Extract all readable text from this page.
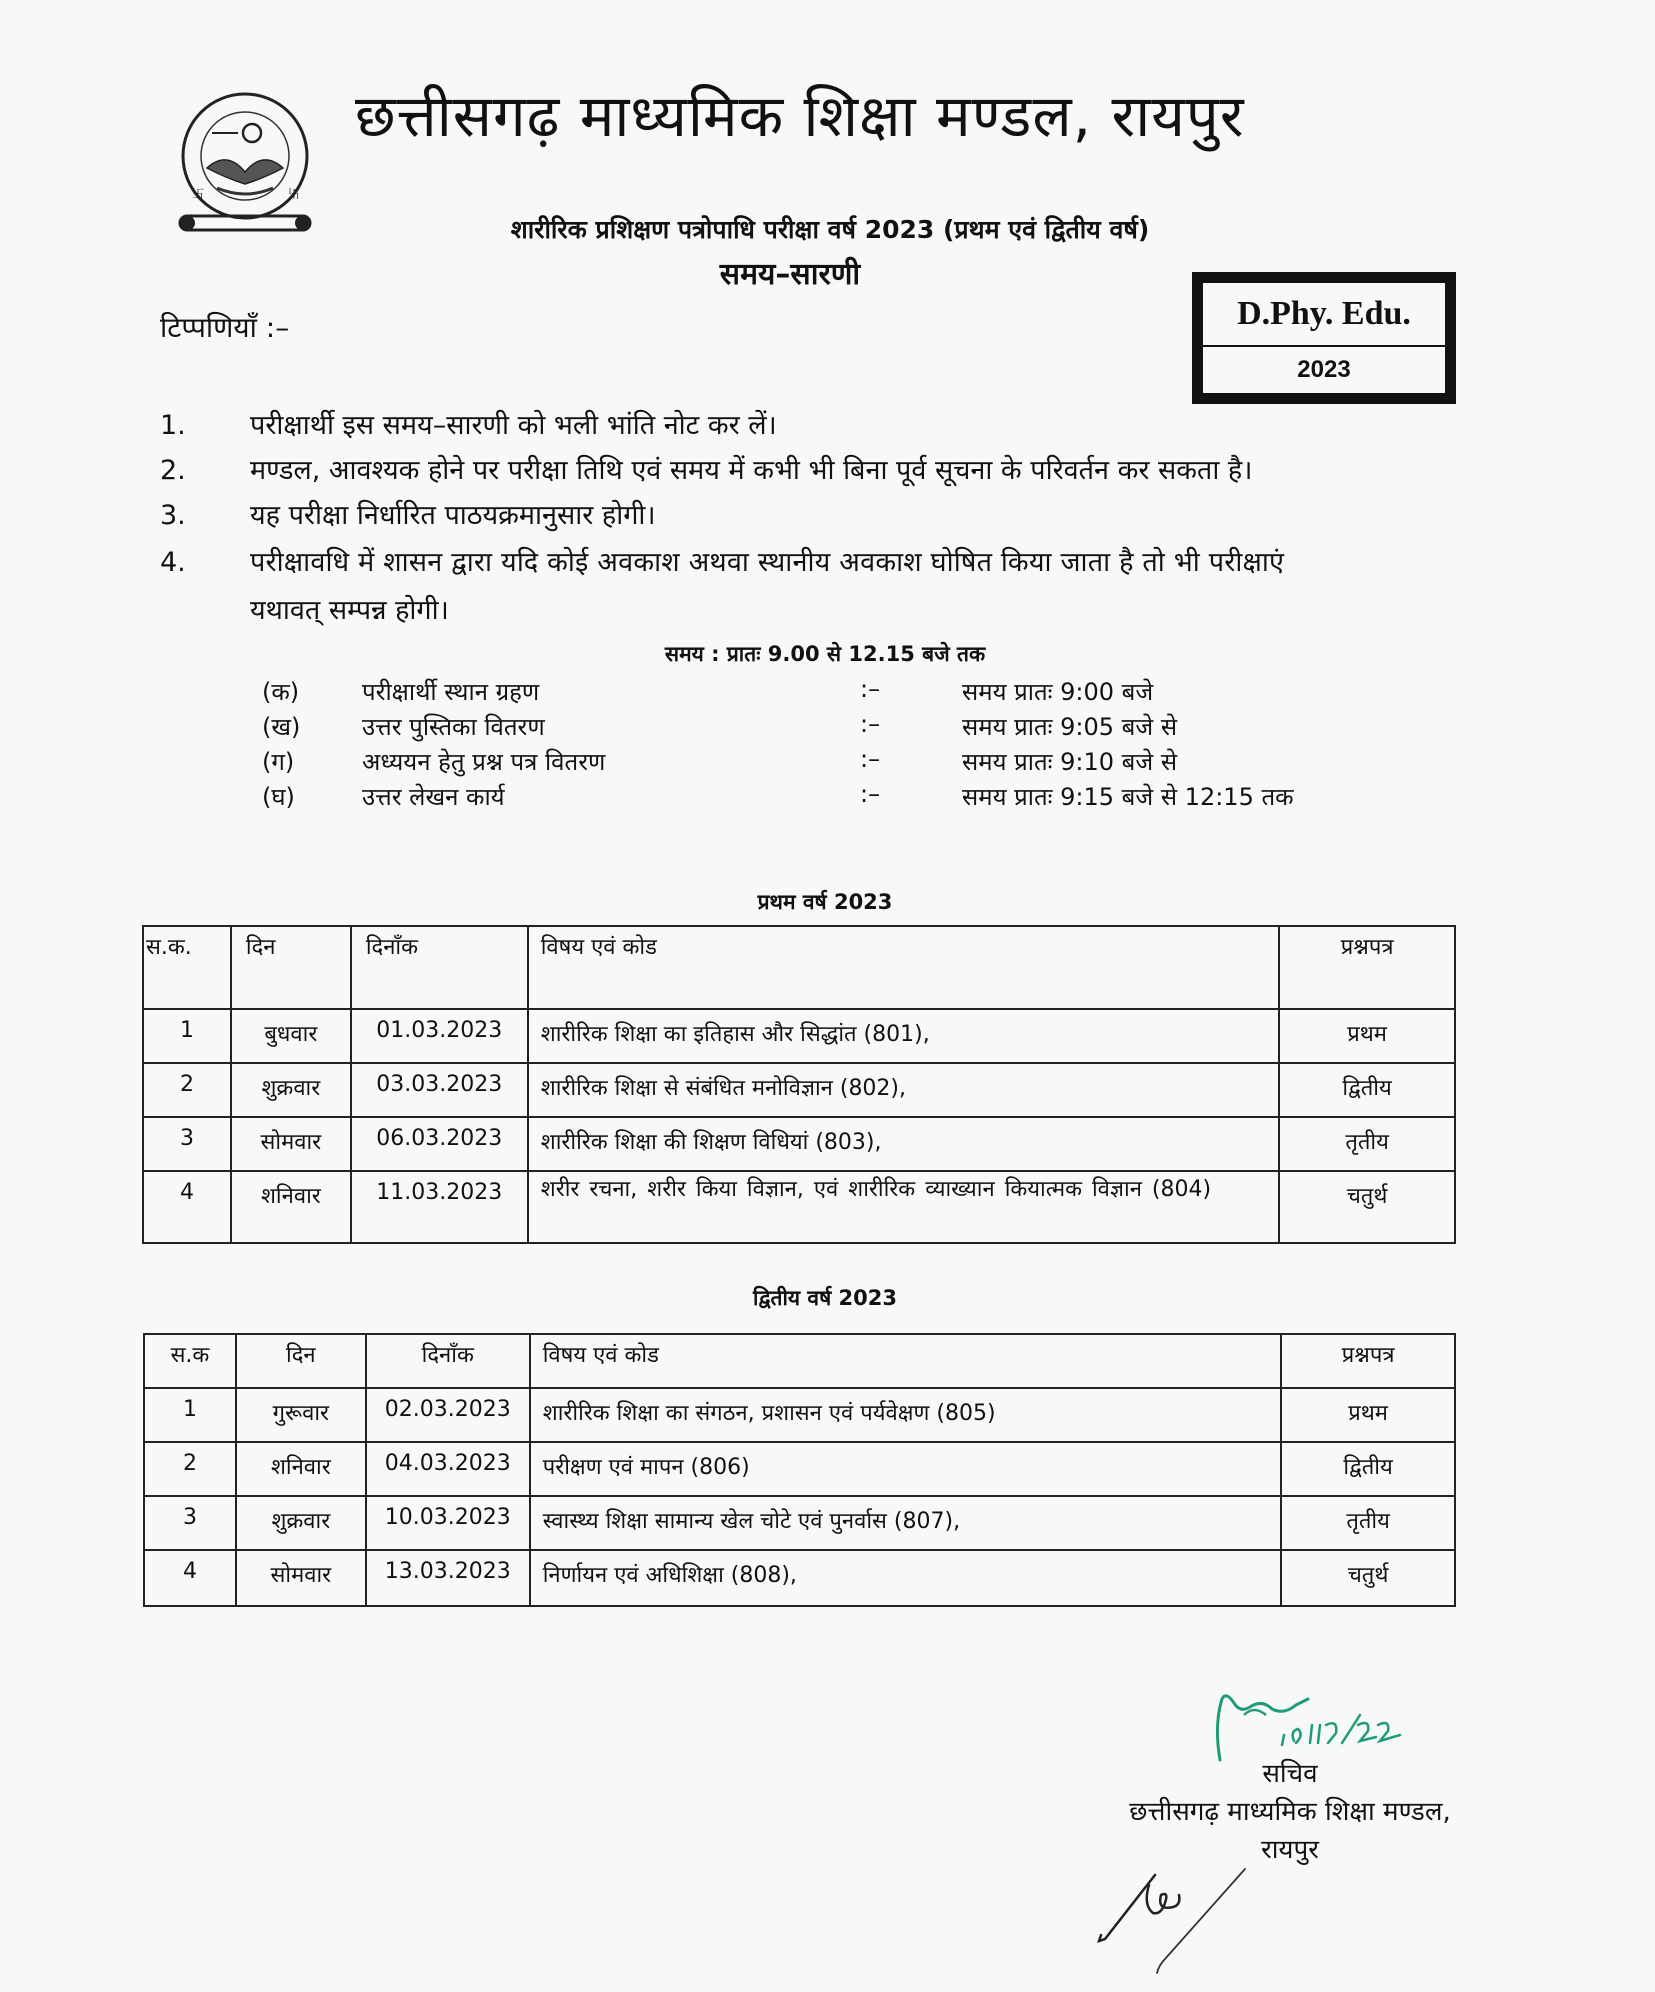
卐	卐
छत्तीसगढ़ माध्यमिक शिक्षा मण्डल, रायपुर
शारीरिक प्रशिक्षण पत्रोपाधि परीक्षा वर्ष 2023 (प्रथम एवं द्वितीय वर्ष)
समय–सारणी
D.Phy. Edu.
2023
टिप्पणियाँ :–
1. परीक्षार्थी इस समय–सारणी को भली भांति नोट कर लें।
2. मण्डल, आवश्यक होने पर परीक्षा तिथि एवं समय में कभी भी बिना पूर्व सूचना के परिवर्तन कर सकता है।
3. यह परीक्षा निर्धारित पाठयक्रमानुसार होगी।
4. परीक्षावधि में शासन द्वारा यदि कोई अवकाश अथवा स्थानीय अवकाश घोषित किया जाता है तो भी परीक्षाएं
यथावत् सम्पन्न होगी।
समय : प्रातः 9.00 से 12.15 बजे तक
(क)	परीक्षार्थी स्थान ग्रहण	:–	समय प्रातः 9:00 बजे
(ख)	उत्तर पुस्तिका वितरण	:–	समय प्रातः 9:05 बजे से
(ग)	अध्ययन हेतु प्रश्न पत्र वितरण	:–	समय प्रातः 9:10 बजे से
(घ)	उत्तर लेखन कार्य	:–	समय प्रातः 9:15 बजे से 12:15 तक
प्रथम वर्ष 2023
स.क.	दिन	दिनाँक	विषय एवं कोड	प्रश्नपत्र
1	बुधवार	01.03.2023	शारीरिक शिक्षा का इतिहास और सिद्धांत (801),	प्रथम
2	शुक्रवार	03.03.2023	शारीरिक शिक्षा से संबंधित मनोविज्ञान (802),	द्वितीय
3	सोमवार	06.03.2023	शारीरिक शिक्षा की शिक्षण विधियां (803),	तृतीय
4	शनिवार	11.03.2023	शरीर रचना, शरीर किया विज्ञान, एवं शारीरिक व्याख्यान कियात्मक विज्ञान (804)	चतुर्थ
द्वितीय वर्ष 2023
स.क	दिन	दिनाँक	विषय एवं कोड	प्रश्नपत्र
1	गुरूवार	02.03.2023	शारीरिक शिक्षा का संगठन, प्रशासन एवं पर्यवेक्षण (805)	प्रथम
2	शनिवार	04.03.2023	परीक्षण एवं मापन (806)	द्वितीय
3	शुक्रवार	10.03.2023	स्वास्थ्य शिक्षा सामान्य खेल चोटे एवं पुनर्वास (807),	तृतीय
4	सोमवार	13.03.2023	निर्णायन एवं अधिशिक्षा (808),	चतुर्थ
सचिव
छत्तीसगढ़ माध्यमिक शिक्षा मण्डल,
रायपुर
